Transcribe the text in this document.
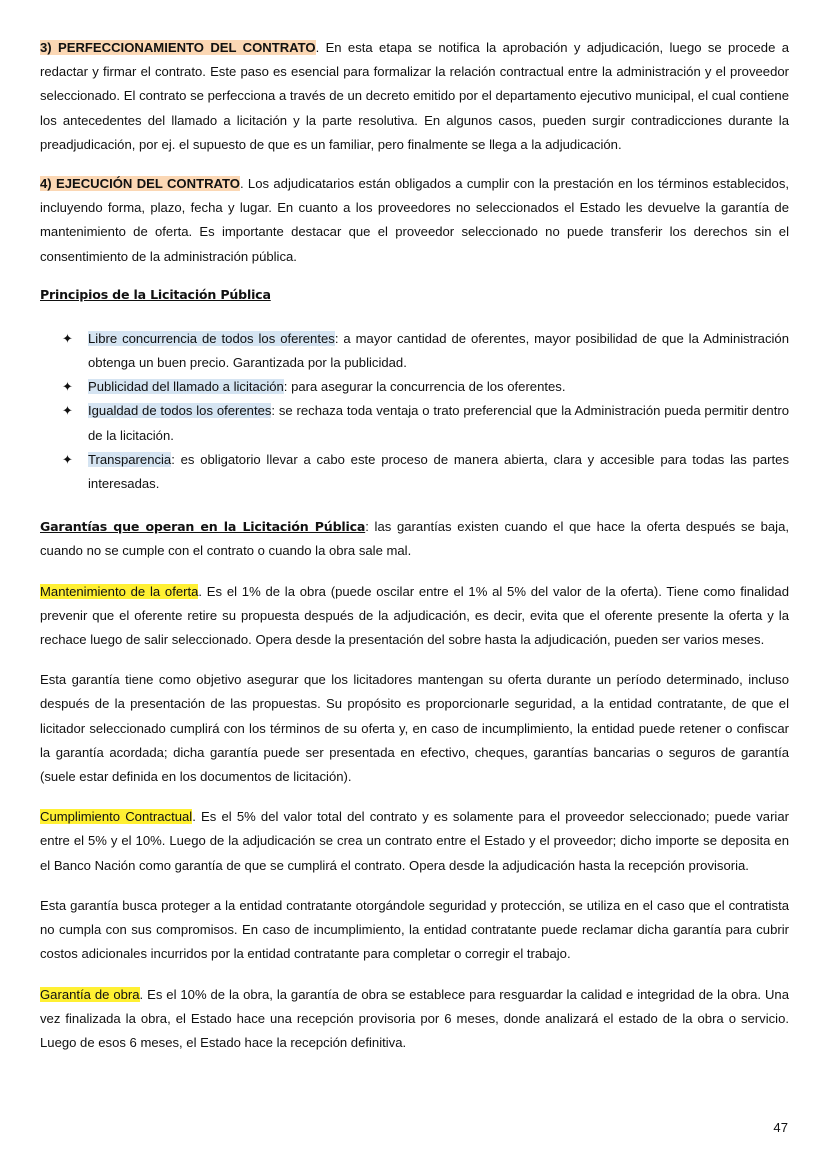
3) PERFECCIONAMIENTO DEL CONTRATO. En esta etapa se notifica la aprobación y adjudicación, luego se procede a redactar y firmar el contrato. Este paso es esencial para formalizar la relación contractual entre la administración y el proveedor seleccionado. El contrato se perfecciona a través de un decreto emitido por el departamento ejecutivo municipal, el cual contiene los antecedentes del llamado a licitación y la parte resolutiva. En algunos casos, pueden surgir contradicciones durante la preadjudicación, por ej. el supuesto de que es un familiar, pero finalmente se llega a la adjudicación.

4) EJECUCIÓN DEL CONTRATO. Los adjudicatarios están obligados a cumplir con la prestación en los términos establecidos, incluyendo forma, plazo, fecha y lugar. En cuanto a los proveedores no seleccionados el Estado les devuelve la garantía de mantenimiento de oferta. Es importante destacar que el proveedor seleccionado no puede transferir los derechos sin el consentimiento de la administración pública.

Principios de la Licitación Pública
✦ Libre concurrencia de todos los oferentes: a mayor cantidad de oferentes, mayor posibilidad de que la Administración obtenga un buen precio. Garantizada por la publicidad.
✦ Publicidad del llamado a licitación: para asegurar la concurrencia de los oferentes.
✦ Igualdad de todos los oferentes: se rechaza toda ventaja o trato preferencial que la Administración pueda permitir dentro de la licitación.
✦ Transparencia: es obligatorio llevar a cabo este proceso de manera abierta, clara y accesible para todas las partes interesadas.

Garantías que operan en la Licitación Pública: las garantías existen cuando el que hace la oferta después se baja, cuando no se cumple con el contrato o cuando la obra sale mal.

Mantenimiento de la oferta. Es el 1% de la obra (puede oscilar entre el 1% al 5% del valor de la oferta). Tiene como finalidad prevenir que el oferente retire su propuesta después de la adjudicación, es decir, evita que el oferente presente la oferta y la rechace luego de salir seleccionado. Opera desde la presentación del sobre hasta la adjudicación, pueden ser varios meses.

Esta garantía tiene como objetivo asegurar que los licitadores mantengan su oferta durante un período determinado, incluso después de la presentación de las propuestas. Su propósito es proporcionarle seguridad, a la entidad contratante, de que el licitador seleccionado cumplirá con los términos de su oferta y, en caso de incumplimiento, la entidad puede retener o confiscar la garantía acordada; dicha garantía puede ser presentada en efectivo, cheques, garantías bancarias o seguros de garantía (suele estar definida en los documentos de licitación).

Cumplimiento Contractual. Es el 5% del valor total del contrato y es solamente para el proveedor seleccionado; puede variar entre el 5% y el 10%. Luego de la adjudicación se crea un contrato entre el Estado y el proveedor; dicho importe se deposita en el Banco Nación como garantía de que se cumplirá el contrato. Opera desde la adjudicación hasta la recepción provisoria.

Esta garantía busca proteger a la entidad contratante otorgándole seguridad y protección, se utiliza en el caso que el contratista no cumpla con sus compromisos. En caso de incumplimiento, la entidad contratante puede reclamar dicha garantía para cubrir costos adicionales incurridos por la entidad contratante para completar o corregir el trabajo.

Garantía de obra. Es el 10% de la obra, la garantía de obra se establece para resguardar la calidad e integridad de la obra. Una vez finalizada la obra, el Estado hace una recepción provisoria por 6 meses, donde analizará el estado de la obra o servicio. Luego de esos 6 meses, el Estado hace la recepción definitiva.

47
